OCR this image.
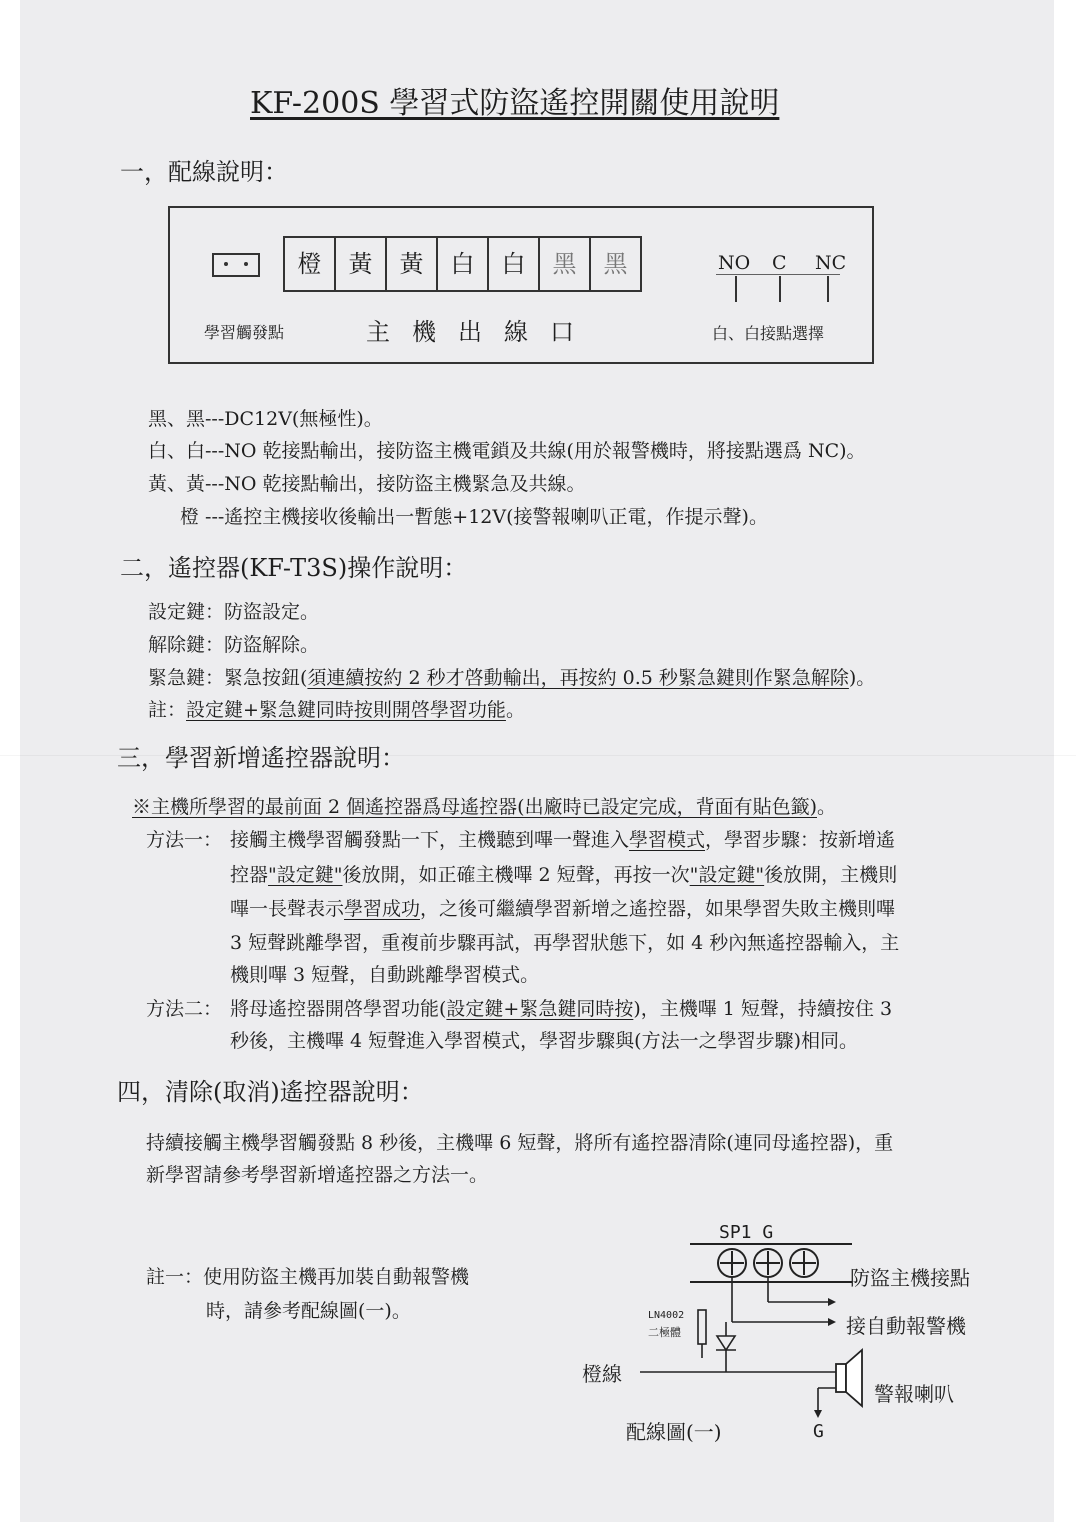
KF-200S 學習式防盜遙控開關使用說明
一，配線說明：
橙	黃	黃	白	白	黑	黑
學習觸發點	主機出線口
NO C NC
白、白接點選擇
黑、黑---DC12V(無極性)。
白、白---NO 乾接點輸出，接防盜主機電鎖及共線(用於報警機時，將接點選爲 NC)。
黃、黃---NO 乾接點輸出，接防盜主機緊急及共線。
橙 ---遙控主機接收後輸出一暫態+12V(接警報喇叭正電，作提示聲)。
二，遙控器(KF-T3S)操作說明：
設定鍵：防盜設定。
解除鍵：防盜解除。
緊急鍵：緊急按鈕(須連續按約 2 秒才啓動輸出，再按約 0.5 秒緊急鍵則作緊急解除)。
註：設定鍵+緊急鍵同時按則開啓學習功能。
三，學習新增遙控器說明：
※主機所學習的最前面 2 個遙控器爲母遙控器(出廠時已設定完成，背面有貼色籤)。
方法一： 接觸主機學習觸發點一下，主機聽到嗶一聲進入學習模式，學習步驟：按新增遙
控器"設定鍵"後放開，如正確主機嗶 2 短聲，再按一次"設定鍵"後放開，主機則
嗶一長聲表示學習成功，之後可繼續學習新增之遙控器，如果學習失敗主機則嗶
3 短聲跳離學習，重複前步驟再試，再學習狀態下，如 4 秒內無遙控器輸入，主
機則嗶 3 短聲，自動跳離學習模式。
方法二： 將母遙控器開啓學習功能(設定鍵+緊急鍵同時按)，主機嗶 1 短聲，持續按住 3
秒後，主機嗶 4 短聲進入學習模式，學習步驟與(方法一之學習步驟)相同。
四，清除(取消)遙控器說明：
持續接觸主機學習觸發點 8 秒後，主機嗶 6 短聲，將所有遙控器清除(連同母遙控器)，重
新學習請參考學習新增遙控器之方法一。
註一：使用防盜主機再加裝自動報警機
時，請參考配線圖(一)。
SP1 G
防盜主機接點
接自動報警機
LN4002
二極體
橙線
警報喇叭
G
配線圖(一)
